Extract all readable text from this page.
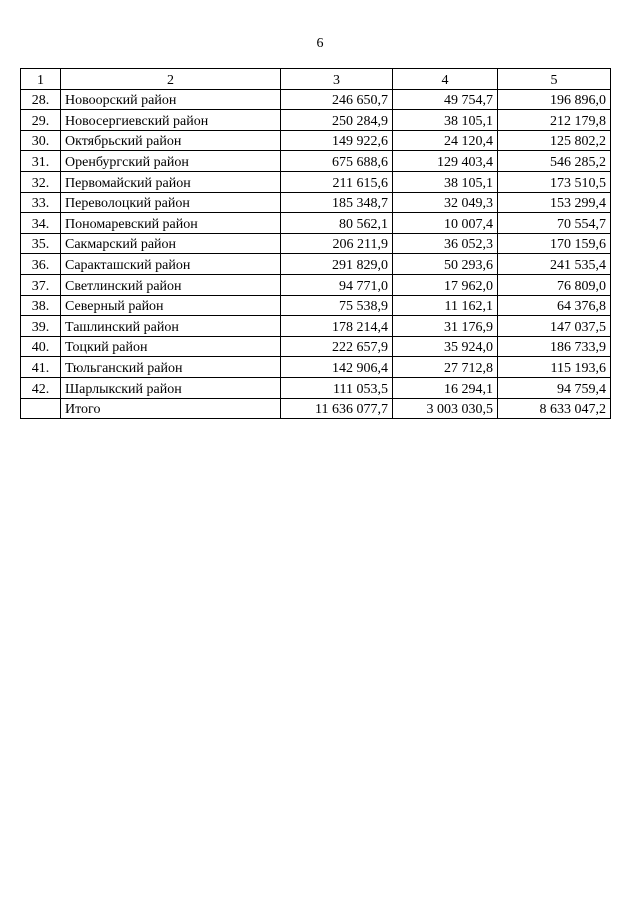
6
1	2	3	4	5
28.	Новоорский район	246 650,7	49 754,7	196 896,0
29.	Новосергиевский район	250 284,9	38 105,1	212 179,8
30.	Октябрьский район	149 922,6	24 120,4	125 802,2
31.	Оренбургский район	675 688,6	129 403,4	546 285,2
32.	Первомайский район	211 615,6	38 105,1	173 510,5
33.	Переволоцкий район	185 348,7	32 049,3	153 299,4
34.	Пономаревский район	80 562,1	10 007,4	70 554,7
35.	Сакмарский район	206 211,9	36 052,3	170 159,6
36.	Саракташский район	291 829,0	50 293,6	241 535,4
37.	Светлинский район	94 771,0	17 962,0	76 809,0
38.	Северный район	75 538,9	11 162,1	64 376,8
39.	Ташлинский район	178 214,4	31 176,9	147 037,5
40.	Тоцкий район	222 657,9	35 924,0	186 733,9
41.	Тюльганский район	142 906,4	27 712,8	115 193,6
42.	Шарлыкский район	111 053,5	16 294,1	94 759,4
	Итого	11 636 077,7	3 003 030,5	8 633 047,2
